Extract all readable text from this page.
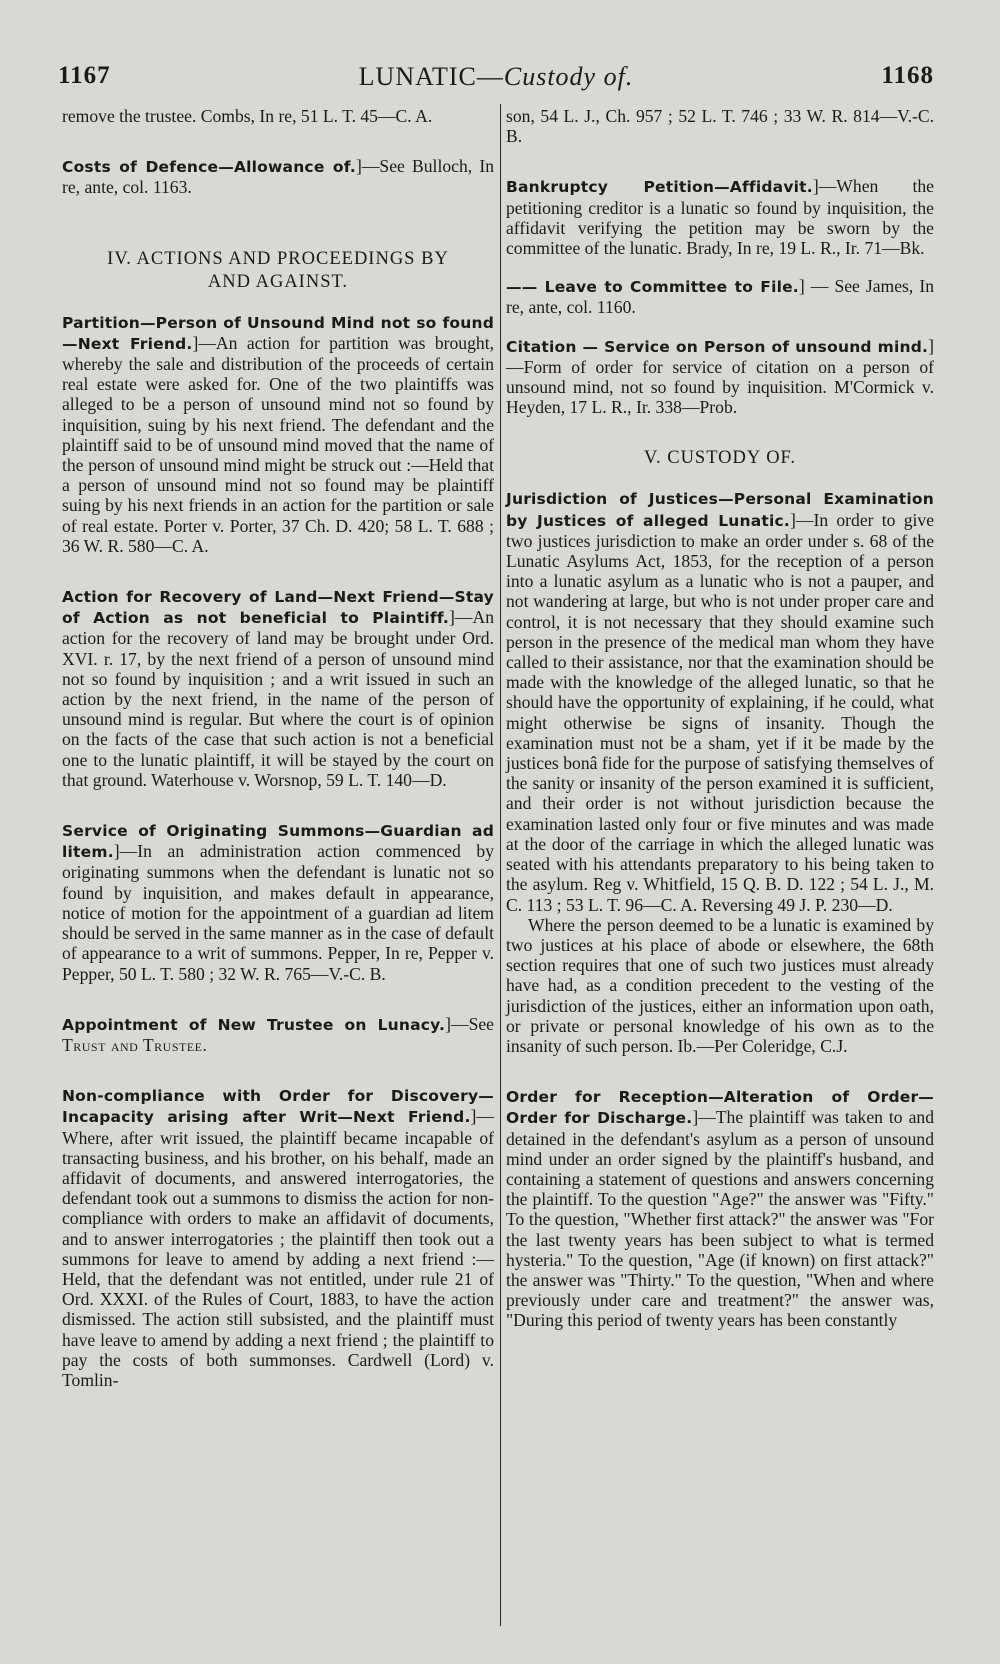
1167	LUNATIC—Custody of.	1168

remove the trustee. Combs, In re, 51 L. T. 45—C. A.

Costs of Defence—Allowance of.]—See Bulloch, In re, ante, col. 1163.

IV. ACTIONS AND PROCEEDINGS BY
AND AGAINST.

Partition—Person of Unsound Mind not so found—Next Friend.]—An action for partition was brought, whereby the sale and distribution of the proceeds of certain real estate were asked for. One of the two plaintiffs was alleged to be a person of unsound mind not so found by inquisition, suing by his next friend. The defendant and the plaintiff said to be of unsound mind moved that the name of the person of unsound mind might be struck out :—Held that a person of unsound mind not so found may be plaintiff suing by his next friends in an action for the partition or sale of real estate. Porter v. Porter, 37 Ch. D. 420; 58 L. T. 688 ; 36 W. R. 580—C. A.

Action for Recovery of Land—Next Friend—Stay of Action as not beneficial to Plaintiff.]—An action for the recovery of land may be brought under Ord. XVI. r. 17, by the next friend of a person of unsound mind not so found by inquisition ; and a writ issued in such an action by the next friend, in the name of the person of unsound mind is regular. But where the court is of opinion on the facts of the case that such action is not a beneficial one to the lunatic plaintiff, it will be stayed by the court on that ground. Waterhouse v. Worsnop, 59 L. T. 140—D.

Service of Originating Summons—Guardian ad litem.]—In an administration action commenced by originating summons when the defendant is lunatic not so found by inquisition, and makes default in appearance, notice of motion for the appointment of a guardian ad litem should be served in the same manner as in the case of default of appearance to a writ of summons. Pepper, In re, Pepper v. Pepper, 50 L. T. 580 ; 32 W. R. 765—V.-C. B.

Appointment of New Trustee on Lunacy.]—See Trust and Trustee.

Non-compliance with Order for Discovery—Incapacity arising after Writ—Next Friend.]—Where, after writ issued, the plaintiff became incapable of transacting business, and his brother, on his behalf, made an affidavit of documents, and answered interrogatories, the defendant took out a summons to dismiss the action for non-compliance with orders to make an affidavit of documents, and to answer interrogatories ; the plaintiff then took out a summons for leave to amend by adding a next friend :—Held, that the defendant was not entitled, under rule 21 of Ord. XXXI. of the Rules of Court, 1883, to have the action dismissed. The action still subsisted, and the plaintiff must have leave to amend by adding a next friend ; the plaintiff to pay the costs of both summonses. Cardwell (Lord) v. Tomlin-

son, 54 L. J., Ch. 957 ; 52 L. T. 746 ; 33 W. R. 814—V.-C. B.

Bankruptcy Petition—Affidavit.]—When the petitioning creditor is a lunatic so found by inquisition, the affidavit verifying the petition may be sworn by the committee of the lunatic. Brady, In re, 19 L. R., Ir. 71—Bk.

—— Leave to Committee to File.] — See James, In re, ante, col. 1160.

Citation — Service on Person of unsound mind.]—Form of order for service of citation on a person of unsound mind, not so found by inquisition. M'Cormick v. Heyden, 17 L. R., Ir. 338—Prob.

V. CUSTODY OF.

Jurisdiction of Justices—Personal Examination by Justices of alleged Lunatic.]—In order to give two justices jurisdiction to make an order under s. 68 of the Lunatic Asylums Act, 1853, for the reception of a person into a lunatic asylum as a lunatic who is not a pauper, and not wandering at large, but who is not under proper care and control, it is not necessary that they should examine such person in the presence of the medical man whom they have called to their assistance, nor that the examination should be made with the knowledge of the alleged lunatic, so that he should have the opportunity of explaining, if he could, what might otherwise be signs of insanity. Though the examination must not be a sham, yet if it be made by the justices bonâ fide for the purpose of satisfying themselves of the sanity or insanity of the person examined it is sufficient, and their order is not without jurisdiction because the examination lasted only four or five minutes and was made at the door of the carriage in which the alleged lunatic was seated with his attendants preparatory to his being taken to the asylum. Reg v. Whitfield, 15 Q. B. D. 122 ; 54 L. J., M. C. 113 ; 53 L. T. 96—C. A. Reversing 49 J. P. 230—D.

Where the person deemed to be a lunatic is examined by two justices at his place of abode or elsewhere, the 68th section requires that one of such two justices must already have had, as a condition precedent to the vesting of the jurisdiction of the justices, either an information upon oath, or private or personal knowledge of his own as to the insanity of such person. Ib.—Per Coleridge, C.J.

Order for Reception—Alteration of Order—Order for Discharge.]—The plaintiff was taken to and detained in the defendant's asylum as a person of unsound mind under an order signed by the plaintiff's husband, and containing a statement of questions and answers concerning the plaintiff. To the question "Age?" the answer was "Fifty." To the question, "Whether first attack?" the answer was "For the last twenty years has been subject to what is termed hysteria." To the question, "Age (if known) on first attack?" the answer was "Thirty." To the question, "When and where previously under care and treatment?" the answer was, "During this period of twenty years has been constantly
